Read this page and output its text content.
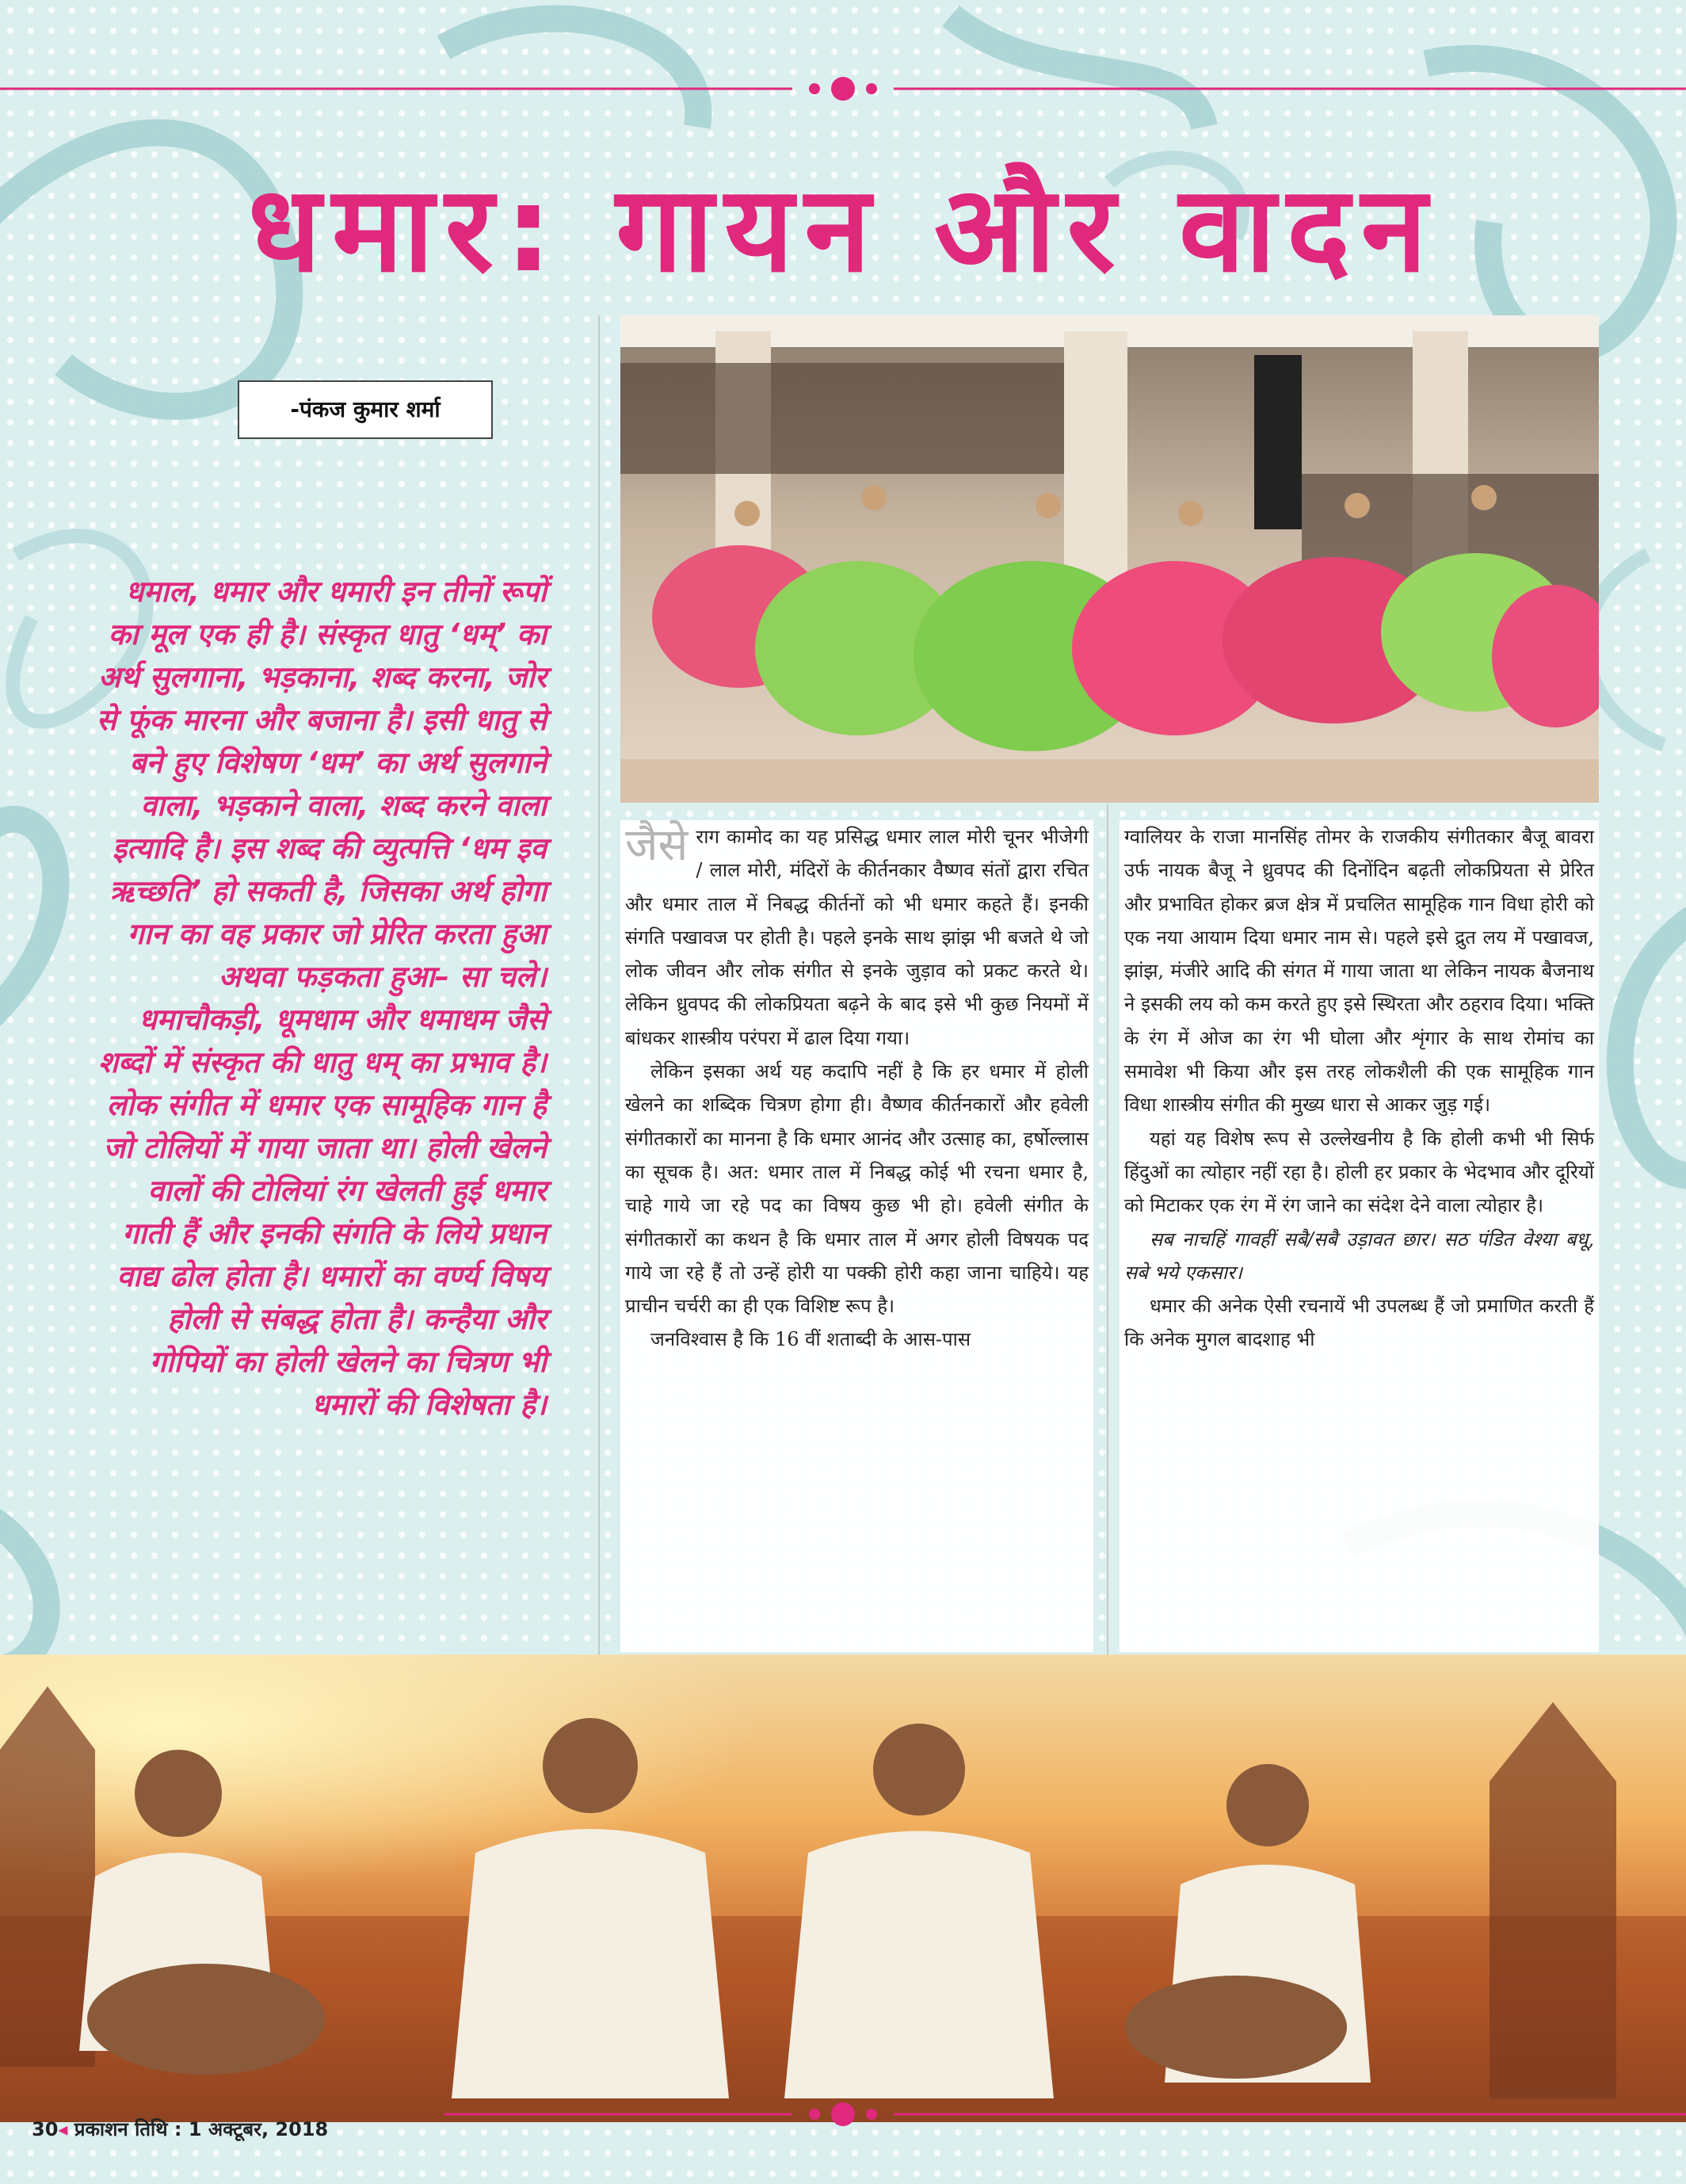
धमार: गायन और वादन
-पंकज कुमार शर्मा

धमाल, धमार और धमारी इन तीनों रूपों का मूल एक ही है। संस्कृत धातु ‘धम्’ का अर्थ सुलगाना, भड़काना, शब्द करना, जोर से फूंक मारना और बजाना है। इसी धातु से बने हुए विशेषण ‘धम’ का अर्थ सुलगाने वाला, भड़काने वाला, शब्द करने वाला इत्यादि है। इस शब्द की व्युत्पत्ति ‘धम इव ऋच्छति’ हो सकती है, जिसका अर्थ होगा गान का वह प्रकार जो प्रेरित करता हुआ अथवा फड़कता हुआ– सा चले। धमाचौकड़ी, धूमधाम और धमाधम जैसे शब्दों में संस्कृत की धातु धम् का प्रभाव है। लोक संगीत में धमार एक सामूहिक गान है जो टोलियों में गाया जाता था। होली खेलने वालों की टोलियां रंग खेलती हुई धमार गाती हैं और इनकी संगति के लिये प्रधान वाद्य ढोल होता है। धमारों का वर्ण्य विषय होली से संबद्ध होता है। कन्हैया और गोपियों का होली खेलने का चित्रण भी धमारों की विशेषता है।

जैसे राग कामोद का यह प्रसिद्ध धमार लाल मोरी चूनर भीजेगी / लाल मोरी, मंदिरों के कीर्तनकार वैष्णव संतों द्वारा रचित और धमार ताल में निबद्ध कीर्तनों को भी धमार कहते हैं। इनकी संगति पखावज पर होती है। पहले इनके साथ झांझ भी बजते थे जो लोक जीवन और लोक संगीत से इनके जुड़ाव को प्रकट करते थे। लेकिन ध्रुवपद की लोकप्रियता बढ़ने के बाद इसे भी कुछ नियमों में बांधकर शास्त्रीय परंपरा में ढाल दिया गया।

लेकिन इसका अर्थ यह कदापि नहीं है कि हर धमार में होली खेलने का शब्दिक चित्रण होगा ही। वैष्णव कीर्तनकारों और हवेली संगीतकारों का मानना है कि धमार आनंद और उत्साह का, हर्षोल्लास का सूचक है। अत: धमार ताल में निबद्ध कोई भी रचना धमार है, चाहे गाये जा रहे पद का विषय कुछ भी हो। हवेली संगीत के संगीतकारों का कथन है कि धमार ताल में अगर होली विषयक पद गाये जा रहे हैं तो उन्हें होरी या पक्की होरी कहा जाना चाहिये। यह प्राचीन चर्चरी का ही एक विशिष्ट रूप है।

जनविश्वास है कि 16 वीं शताब्दी के आस-पास

ग्वालियर के राजा मानसिंह तोमर के राजकीय संगीतकार बैजू बावरा उर्फ नायक बैजू ने ध्रुवपद की दिनोंदिन बढ़ती लोकप्रियता से प्रेरित और प्रभावित होकर ब्रज क्षेत्र में प्रचलित सामूहिक गान विधा होरी को एक नया आयाम दिया धमार नाम से। पहले इसे द्रुत लय में पखावज, झांझ, मंजीरे आदि की संगत में गाया जाता था लेकिन नायक बैजनाथ ने इसकी लय को कम करते हुए इसे स्थिरता और ठहराव दिया। भक्ति के रंग में ओज का रंग भी घोला और शृंगार के साथ रोमांच का समावेश भी किया और इस तरह लोकशैली की एक सामूहिक गान विधा शास्त्रीय संगीत की मुख्य धारा से आकर जुड़ गई।

यहां यह विशेष रूप से उल्लेखनीय है कि होली कभी भी सिर्फ हिंदुओं का त्योहार नहीं रहा है। होली हर प्रकार के भेदभाव और दूरियों को मिटाकर एक रंग में रंग जाने का संदेश देने वाला त्योहार है।

सब नाचहिं गावहीं सबै/सबै उड़ावत छार। सठ पंडित वेश्या बधू, सबे भये एकसार।

धमार की अनेक ऐसी रचनायें भी उपलब्ध हैं जो प्रमाणित करती हैं कि अनेक मुगल बादशाह भी

30◂ प्रकाशन तिथि : 1 अक्टूबर, 2018
